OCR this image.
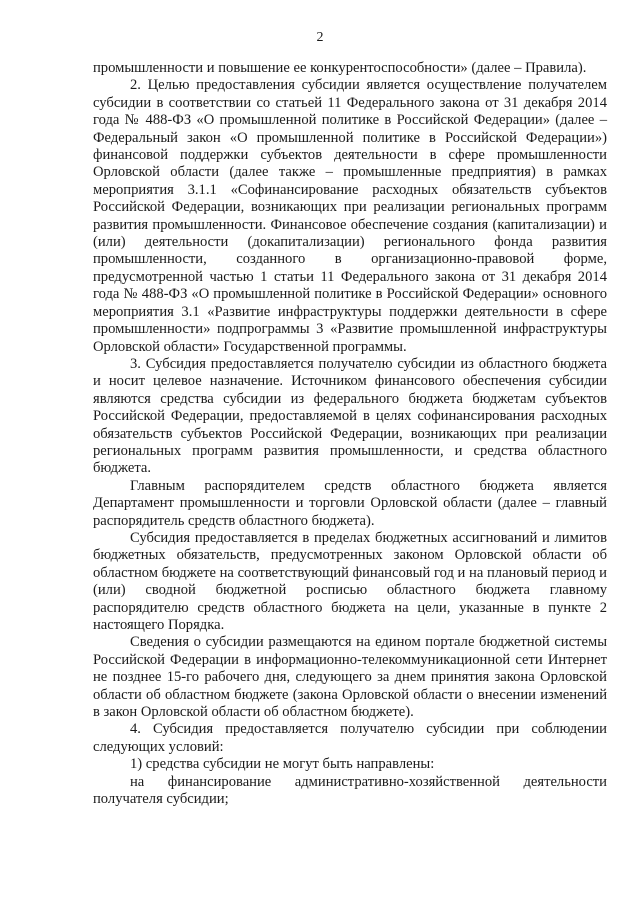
2

промышленности и повышение ее конкурентоспособности» (далее – Правила).

2. Целью предоставления субсидии является осуществление получателем субсидии в соответствии со статьей 11 Федерального закона от 31 декабря 2014 года № 488-ФЗ «О промышленной политике в Российской Федерации» (далее – Федеральный закон «О промышленной политике в Российской Федерации») финансовой поддержки субъектов деятельности в сфере промышленности Орловской области (далее также – промышленные предприятия) в рамках мероприятия 3.1.1 «Софинансирование расходных обязательств субъектов Российской Федерации, возникающих при реализации региональных программ развития промышленности. Финансовое обеспечение создания (капитализации) и (или) деятельности (докапитализации) регионального фонда развития промышленности, созданного в организационно-правовой форме, предусмотренной частью 1 статьи 11 Федерального закона от 31 декабря 2014 года № 488-ФЗ «О промышленной политике в Российской Федерации» основного мероприятия 3.1 «Развитие инфраструктуры поддержки деятельности в сфере промышленности» подпрограммы 3 «Развитие промышленной инфраструктуры Орловской области» Государственной программы.

3. Субсидия предоставляется получателю субсидии из областного бюджета и носит целевое назначение. Источником финансового обеспечения субсидии являются средства субсидии из федерального бюджета бюджетам субъектов Российской Федерации, предоставляемой в целях софинансирования расходных обязательств субъектов Российской Федерации, возникающих при реализации региональных программ развития промышленности, и средства областного бюджета.

Главным распорядителем средств областного бюджета является Департамент промышленности и торговли Орловской области (далее – главный распорядитель средств областного бюджета).

Субсидия предоставляется в пределах бюджетных ассигнований и лимитов бюджетных обязательств, предусмотренных законом Орловской области об областном бюджете на соответствующий финансовый год и на плановый период и (или) сводной бюджетной росписью областного бюджета главному распорядителю средств областного бюджета на цели, указанные в пункте 2 настоящего Порядка.

Сведения о субсидии размещаются на едином портале бюджетной системы Российской Федерации в информационно-телекоммуникационной сети Интернет не позднее 15-го рабочего дня, следующего за днем принятия закона Орловской области об областном бюджете (закона Орловской области о внесении изменений в закон Орловской области об областном бюджете).

4. Субсидия предоставляется получателю субсидии при соблюдении следующих условий:

1) средства субсидии не могут быть направлены:

на финансирование административно-хозяйственной деятельности получателя субсидии;
